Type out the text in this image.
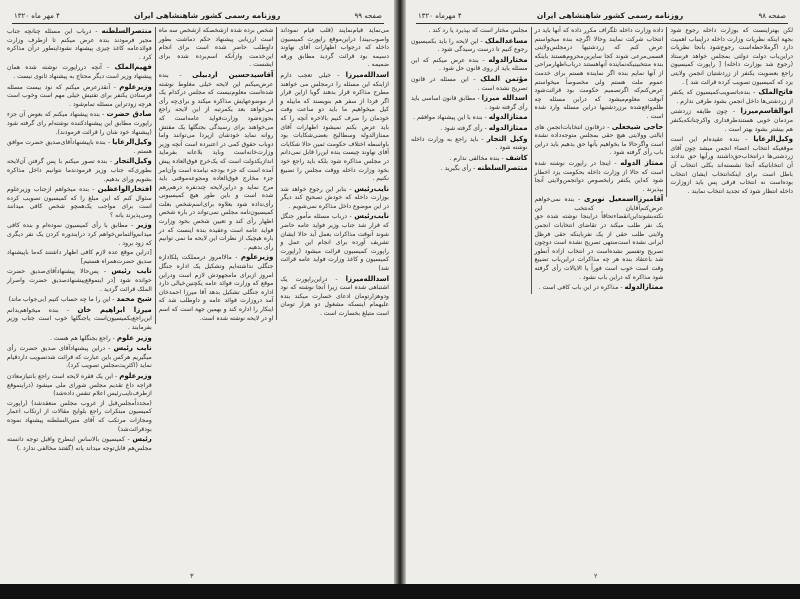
صفحه ۹۹
روزنامه رسمی کشور شاهنشاهی ایران
۴ مهر ماه ۱۳۲۰

می‌نماید قیام‌نمایند (قلب قیام نموداند واصوب‌بیند) دراین‌موقع راپورت کمیسیون داخله که درجواب اظهارات آقای نهاوند دسیمه بود قرائت گردید مطابق ورقه ضمیمه .

اسدالله‌میرزا - خیلی تعجب دارم ازاینکه این مسئله را درمجلس می خواهند مطرح مذاکره قرار بدهند گویا ازاین قرار اگر فردا از سفر هم بنویسند که مابیله و کیل میخواهیم ما باید دو ساعت وقت خودمان را صرف کنیم بالاخره آنچه را که باید عرض بکنم نمیشود اظهارات آقای ممتاز‌الدوله وسطالیح بعضی‌شکایات بود باواسطه اختلاف حکومت ثمین حالا شکایات آقای نهاوند چیست بنده این‌را قابل نمی‌دانم در مجلس مذاکره شود بلکه باید راجع خود بخود وزارت داخله ووقت مجلس را تضییع نکنیم .

نایب‌رئیس - بنابر این رجوع خواهد شد بوزارت داخله که خودش تصحیح کند دیگر در این موضوع داخل مذاکره نمی‌شویم .

نایب‌رئیس - درباب مسئله مأمور جنگل که قرار شد جناب وزیر فواید عامه حاضر شوند آنوقت مذاکرات بعمل آید حالا ایشان تشریف آورده برای انجام این عمل و راپورت کمیسیون قرائت میشود (راپورت کمیسیون و کاغذ وزارت فواید عامه قرائت شد)

اسدالله‌میرزا - دراین‌راپورت یک اشتباهی شده است زیرا آنجا نوشته که نود ودوهزارتومان ادعای خسارت میکند بنده علیهمام اینسکه مشغول دو هزار تومان است متبلغ بخسارت است .

شخص برده شده ازشخصکه ازشخص سه ماه است ارزیابی پیشنهاد حکم دماشت بطور داوطلب حاضر شده است برای انجام این‌خدمت وازآنکه اسم‌برده شده برای ایشست .

آقاسیدحسین اردبیلی - بنده عرض‌میکنم این لایحه خیلی مغلوط نوشته شده‌است معلوم‌نیست که مجلس درکدام یک از موضوعهایش مذاکره میکند و برای‌چه رأی می‌خواهد بعد یکمرتبه از این لایحه راجع بحوزه‌شود وزارت‌فواید عامه‌است که می‌خواهند برای رسیدگی بجنگلها یک مفتش روانه نماید خودشان ازپردا می‌توانند واما دوباب حقوق کمی در اعتبرده است آنچه وزیر وزارت‌خانه‌است وباید بلاعانه بفرماید اندازیکدولت است که یک‌خرج فوق‌العاده پیش آمده است که جزء بودجه نیامده است وآن‌امر جزء مخارج فوق‌العاده ومجوعه‌موقتی باید مرح نماید و دراین‌لایحه چندنفره درهم‌رهم شده است و باین طور هیچ کمیسیونی رأی‌نداده شود بعلاوه برای‌اسم‌شخص بعلت کمیسیون‌نامه مجلس نمی‌تواند در باره شخص اظهار رأی کند و تعیین شخص بخود وزارت فواید عامه است وعقیده بنده اینست که در باره هیچیک از نظرات این لایحه ما نمی توانیم رأی بدهیم .

وزیرعلوم - ما‌لاامروز درمملکت پلکاداره جنگلی نداشته‌ایم وتشکیل یک اداره جنگل امروز ازبرای مامجهودش لازم است ودراین موقع که وزارت فوائد عامه یکچنین‌خیالی دارد اداره جنگلی تشکیل بدهد آقا میرزا احمدخان آمد دروزارت فوائد عامه و داوطلب شد که اینکار را اداره کند و بهمین جهة است که اسم او در لایحه نوشته شده است.

منتصرالسلطنه - درباب این مسئله چنانچه جناب مجیر فرمودند بنده عرض میکنم تا ازطرف وزارت فوائدعامه کاغذ چیزی پیشنهاد نشوداینطور درآن مذاکره کرد .

فهیم‌الملک - آنچه درراپورت نوشته شده همان پیشنهاد وزیر است دیگر محتاج به پیشنهاد ثانوی نیست .

وزیرعلوم - آنقدرعرض میکنم که نود بیست مسئله فرستادن یکنفر برای تفتیش خیلی مهم است وخوب است هرچه زودتراین مسئله تمام‌شود .

صادق حضرت - بنده پیشنهاد میکنم که بعوض آن جزء راپورت مطابق این پیشنهاد‌کننده نوشته‌ام رای گرفته شود (پیشنهاد خود شان را قرائت فرمودند).

وکیل‌الرعایا - بنده باپیشنهادآقای‌صدیق حضرت موافق هستم .

وکیل‌التجار - بنده تصور میکنم با پس گرفتن آن‌لایحه بطوری‌که جناب وزیر فرمودند‌ما نتوانیم داخل مذاکره بشویم ورای بدهیم.

افتخارالواعظین - بنده میخواهم ازجناب وزیرعلوم سئوال کنم که این مبلغ را که کمیسیون تصویب کرده است برای مواجب یک‌همچو شخص کافی میدانند ومی‌پذیرند یانه ؟

وزیر - مطابق با رأی کمیسیون نموده‌ام و بنده کافی میدانم‌والتماس‌خواهم کرد درایندوره کردن یک نفر دیگری که زود برود .

[دراین موقع عده لازم کافی اظهار داشتند که‌ما باپیشنهاد صدیق حضرت‌همراه هستیم]

نایب رئیس - پس‌حالا پیشنهاد‌آقای‌صدیق حضرت خوانده شود [در اینموقع‌پیشنهادصدیق حضرت واصرار الملک قرائت گردید .

شیخ محمد - این را ما چه حساب کنیم (بی‌جواب ماند)

میرزا ابراهیم خان - بنده میخواهم‌بدانم این‌راجع‌بکمیسیون‌است یاجنگلها خوب است جناب وزیر بفرمایند .

وزیر علوم - راجع بجنگلها هم هست .

نایب رئیس - دراین پیشنهادآقای صدیق حضرت رأی میگیریم هرکس باین عبارت که قرائت شدتصویب دارد‌قیام نماید (اکثریت‌مجلس تصویب کرد).

وزیرعلوم - این یک فقره لایحه است راجع بانتیازمعادن قراچه داغ تقدیم مجلس شورای ملی میشود (دراینموقع ازطرف‌نایب‌رئیس اعلام تنفس داده‌شد)

(مجدداًمجلس‌قبل از غروب مجلس منعقدشد) (راپورت کمیسیون مبتکرات راجع بلوایح مقالات از ارتکاب اعمار ومجازات مرتکب که آقای متین‌السلطنه پیشنهاد نموده بودقرائت‌شد)

رئیس - کمیسیون بالاساس اینطرح واقبل توجه دانسته مجلس‌هم قابل‌توجه میداند یانه (گفتند مخالفی ندارد .)

۳
صفحه ۹۸
روزنامه رسمی کشور شاهنشاهی ایران
۴ مهرماه ۱۳۲۰

لکن بهتراینست که بوزارت داخله رجوع شود بجهة اینکه نظریات وزارت داخله دراینباب اهمیت دارد اگرملاحظه‌است رجوع‌شود بآنجا نظریات دراین‌باب دولت دولتی بمجلس خواهد فرستاد (رجوع شد بوزارت داخله) [ راپورت کمیسیون راجع بعضویت یکنفر از زردشتیان انجمن ولایتی یزد که کمیسیون تصویب کرده قرائت شد ] .

فاتح‌الملک - بنده‌باتصویب‌کمیسیون که یکنفر از زردشتی‌ها داخل انجمن بشود طرفی ندارم .

ابوالقاسم‌میرزا - چون طایفه زردشتی مردمان خوبی هستند‌طرفداری واکرچنانکه‌یکنفر هم بیشتر بشود بهتر است .

وکیل‌الرعایا - بنده عقیده‌ام این است موقعیکه انتخاب اعضاء انجمن میشد چون آقای زردشتی‌ها در‌انتخاب‌حق‌داشتند ورأیها حق ندادند آن انتخاباتیکه آنجا نشسته‌اند بکلی انتخاب آن باطل است برای اینکه‌انتخاب ایشان انتخاب بوده‌است نه انتخاب فرقی پس باید ازوزارت داخله انتظار شود که تجدید انتخاب نمایند .

داده وزارت داخله تلگراف مکرر داده که آنها باید در انتخاب شرکت نمایند وحالا اگرچه بنده میخواستم عرض کنم که زردشتیها درمجلس‌ولایتی قسمی‌مرعی شوند کجا سایرین‌محروم‌هستند باینکه بنده منتخبینیکه‌نماینده آنهاهستند درباب‌اظهار‌مراحی از آنها نمایم بنده اگر نماینده هستم برای خدمت عموم ملت هستم ولی مخصوصاً میخواستم عرض‌کنم‌که اگر‌تصمیم حکومت بود قرائت‌شود آنوقت‌ معلوم‌میشود که دراین مسئله چه ظلم‌‌واقع‌شده برزردشتیها دراین مسئله وارد شده است .

حاجی شیخعلی - درقانون انتخابات‌انجمن های ایالتی وولایتی هیچ حقی بمجلس متوجه‌داده نشده است واگرحالا ما بخواهیم بآنها حق بدهیم باید دراین باب رأی گرفته شود .

ممتاز الدوله - اینجا در راپورت نوشته شده است که حالا از وزارت داخله بحکومت یزد اخطار شود که‌این یکنفر‌ رابخصوص دوانجمن‌ولایتی آنجا بپذیرند .

آقامیرزااسمعیل نوبری - بنده نمی‌خواهم عرض‌کنم‌آقایان که‌نتخب این نکته‌بشوند‌این‌انقضاءتحاقاً دراینجا نوشته شده حق یک نفر طلب میکند در تقاضای انتخابات انجمن ولایتی طلب حقی از یک نفر‌باینکه حقی فرظل ایرانی نشده است‌منتهی تصریح نشده است دوچون تصریح وتفسیر نشده‌است در انتخاب ازاده آنطور شد باعتقاد بنده هر چه مذاکرات دراین‌باب تضییع وقت است خوب است فوراً یا الایالات رأی گرفته شود مذاکره که دراین باب نشود .

ممتازالدوله - مذاکره در این باب کافی است .

مجلس مختار است که بپذیرد یا رد کند .

مساعدالملک - این لایحه را باید بکمیسیون رجوع کنیم تا درست رسیدگی شود .

مختارالدوله - بنده عرض میکنم که این مسئله باید از روی قانون حل شود .

مؤتمن الملک - این مسئله در قانون تصریح نشده است .

اسدالله میرزا - مطابق قانون اساسی باید رأی گرفته شود .

ممتازالدوله - بنده با این پیشنهاد موافقم .

ممتازالدوله - رأی گرفته شود .

وکیل التجار - باید راجع به وزارت داخله نوشته شود .

کاشف - بنده مخالفی ندارم .

منتصرالسلطنه - رأی بگیرید .

۲
